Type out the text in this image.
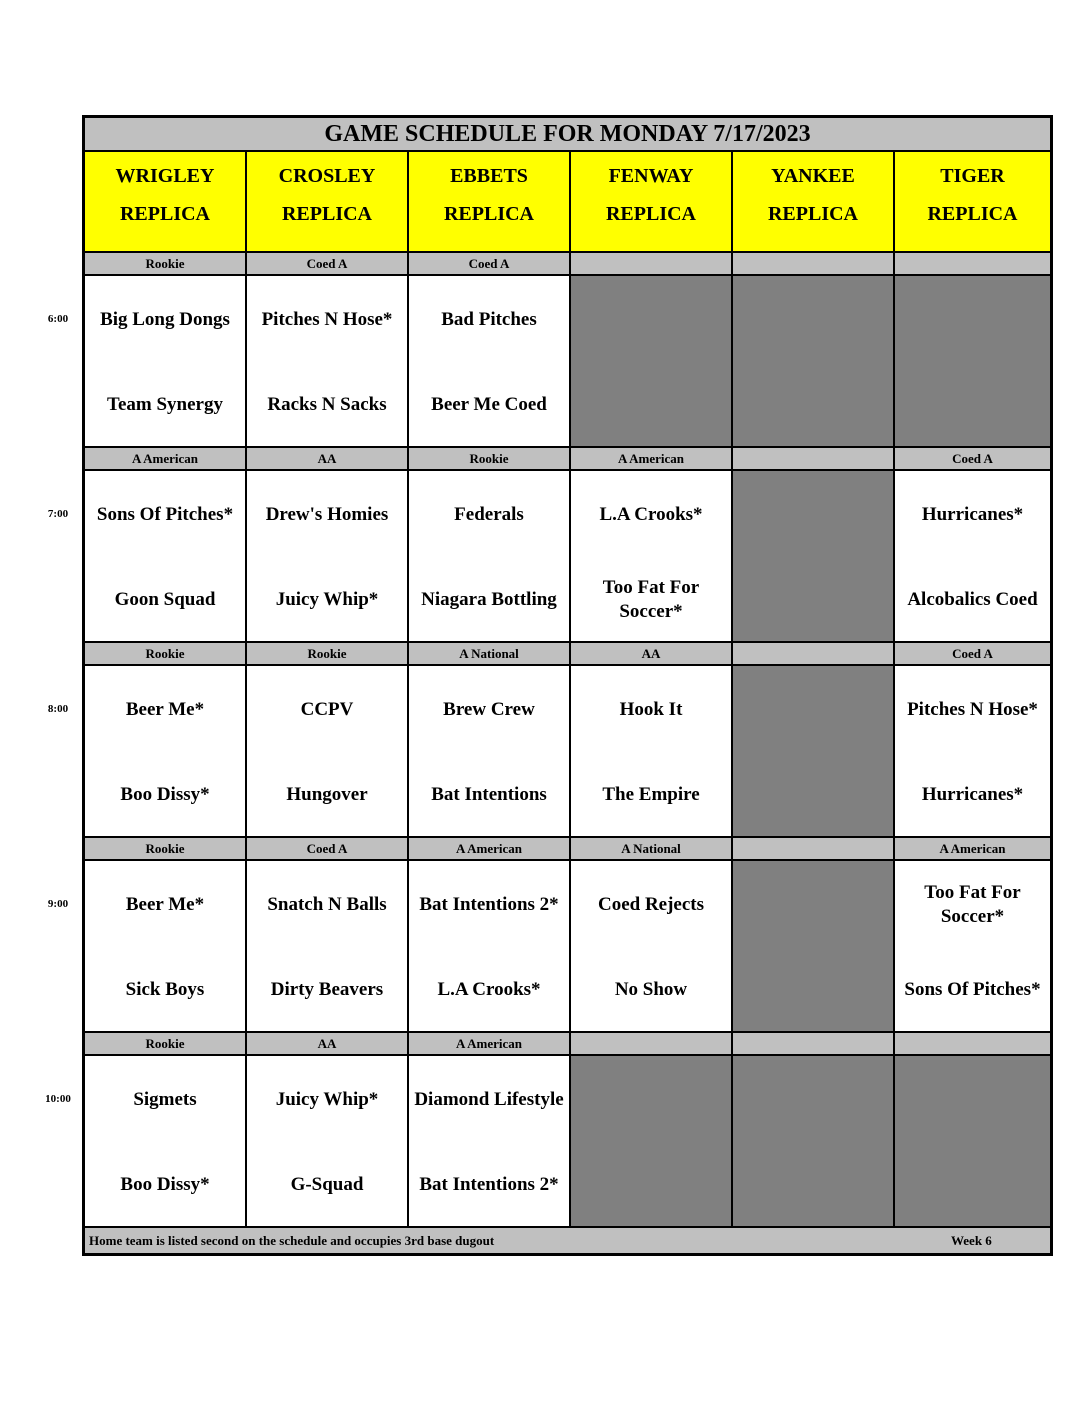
GAME SCHEDULE FOR MONDAY 7/17/2023
WRIGLEY
REPLICA
CROSLEY
REPLICA
EBBETS
REPLICA
FENWAY
REPLICA
YANKEE
REPLICA
TIGER
REPLICA
Rookie
Big Long Dongs
Team Synergy
Coed A
Pitches N Hose*
Racks N Sacks
Coed A
Bad Pitches
Beer Me Coed
A American
Sons Of Pitches*
Goon Squad
AA
Drew's Homies
Juicy Whip*
Rookie
Federals
Niagara Bottling
A American
L.A Crooks*
Too Fat For Soccer*
Coed A
Hurricanes*
Alcobalics Coed
Rookie
Beer Me*
Boo Dissy*
Rookie
CCPV
Hungover
A National
Brew Crew
Bat Intentions
AA
Hook It
The Empire
Coed A
Pitches N Hose*
Hurricanes*
Rookie
Beer Me*
Sick Boys
Coed A
Snatch N Balls
Dirty Beavers
A American
Bat Intentions 2*
L.A Crooks*
A National
Coed Rejects
No Show
A American
Too Fat For Soccer*
Sons Of Pitches*
Rookie
Sigmets
Boo Dissy*
AA
Juicy Whip*
G-Squad
A American
Diamond Lifestyle
Bat Intentions 2*
Home team is listed second on the schedule and occupies 3rd base dugout	Week 6
6:00
7:00
8:00
9:00
10:00
